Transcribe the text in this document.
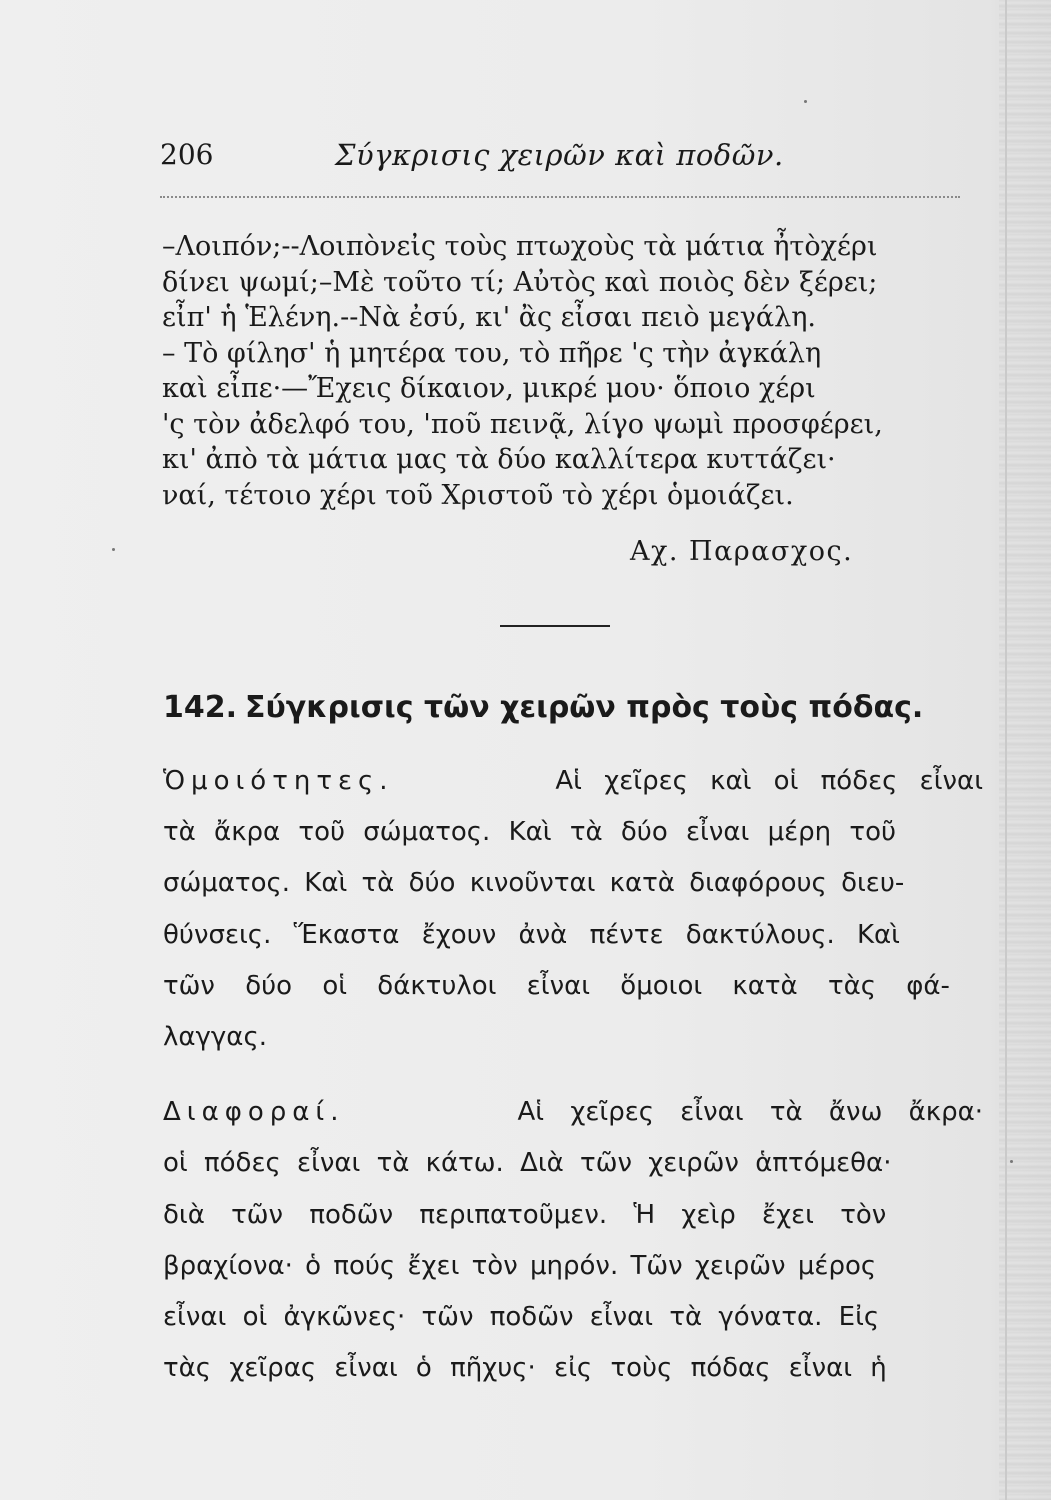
206	Σύγκρισις χειρῶν καὶ ποδῶν.
–Λοιπόν;--Λοιπὸνεἰς τοὺς πτωχοὺς τὰ μάτια ἦτὸχέρι
δίνει ψωμί;–Μὲ τοῦτο τί; Αὐτὸς καὶ ποιὸς δὲν ξέρει;
εἶπ' ἡ Ἑλένη.--Νὰ ἐσύ, κι' ἂς εἶσαι πειὸ μεγάλη.
– Τὸ φίλησ' ἡ μητέρα του, τὸ πῆρε 'ς τὴν ἀγκάλη
καὶ εἶπε·—Ἔχεις δίκαιον, μικρέ μου· ὅποιο χέρι
'ς τὸν ἀδελφό του, 'ποῦ πεινᾷ, λίγο ψωμὶ προσφέρει,
κι' ἀπὸ τὰ μάτια μας τὰ δύο καλλίτερα κυττάζει·
ναί, τέτοιο χέρι τοῦ Χριστοῦ τὸ χέρι ὁμοιάζει.
Αχ. Παρασχος.
142. Σύγκρισις τῶν χειρῶν πρὸς τοὺς πόδας.
Ὁμοιότητες.	Αἱ χεῖρες καὶ οἱ πόδες εἶναι
τὰ ἄκρα τοῦ σώματος. Καὶ τὰ δύο εἶναι μέρη τοῦ
σώματος. Καὶ τὰ δύο κινοῦνται κατὰ διαφόρους διευ-
θύνσεις. Ἕκαστα ἔχουν ἀνὰ πέντε δακτύλους. Καὶ
τῶν δύο οἱ δάκτυλοι εἶναι ὅμοιοι κατὰ τὰς φά-
λαγγας.
Διαφοραί.	Αἱ χεῖρες εἶναι τὰ ἄνω ἄκρα·
οἱ πόδες εἶναι τὰ κάτω. Διὰ τῶν χειρῶν ἁπτόμεθα·
διὰ τῶν ποδῶν περιπατοῦμεν. Ἡ χεὶρ ἔχει τὸν
βραχίονα· ὁ πούς ἔχει τὸν μηρόν. Τῶν χειρῶν μέρος
εἶναι οἱ ἀγκῶνες· τῶν ποδῶν εἶναι τὰ γόνατα. Εἰς
τὰς χεῖρας εἶναι ὁ πῆχυς· εἰς τοὺς πόδας εἶναι ἡ
